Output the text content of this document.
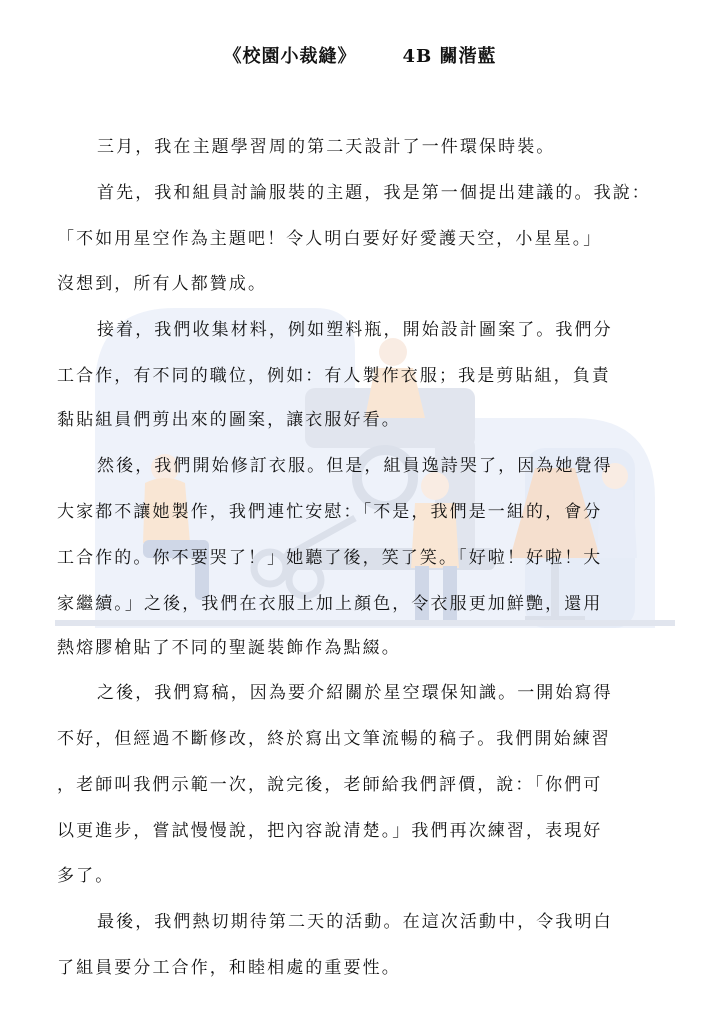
《校園小裁縫》	4B 關湝藍
三月，我在主題學習周的第二天設計了一件環保時裝。
首先，我和組員討論服裝的主題，我是第一個提出建議的。我說：
「不如用星空作為主題吧！令人明白要好好愛護天空，小星星。」
沒想到，所有人都贊成。
接着，我們收集材料，例如塑料瓶，開始設計圖案了。我們分
工合作，有不同的職位，例如：有人製作衣服；我是剪貼組，負責
黏貼組員們剪出來的圖案，讓衣服好看。
然後，我們開始修訂衣服。但是，組員逸詩哭了，因為她覺得
大家都不讓她製作，我們連忙安慰：「不是，我們是一組的，會分
工合作的。你不要哭了！」她聽了後，笑了笑。「好啦！好啦！大
家繼續。」之後，我們在衣服上加上顏色，令衣服更加鮮艷，還用
熱熔膠槍貼了不同的聖誕裝飾作為點綴。
之後，我們寫稿，因為要介紹關於星空環保知識。一開始寫得
不好，但經過不斷修改，終於寫出文筆流暢的稿子。我們開始練習
，老師叫我們示範一次，說完後，老師給我們評價，說：「你們可
以更進步，嘗試慢慢說，把內容說清楚。」我們再次練習，表現好
多了。
最後，我們熱切期待第二天的活動。在這次活動中，令我明白
了組員要分工合作，和睦相處的重要性。
